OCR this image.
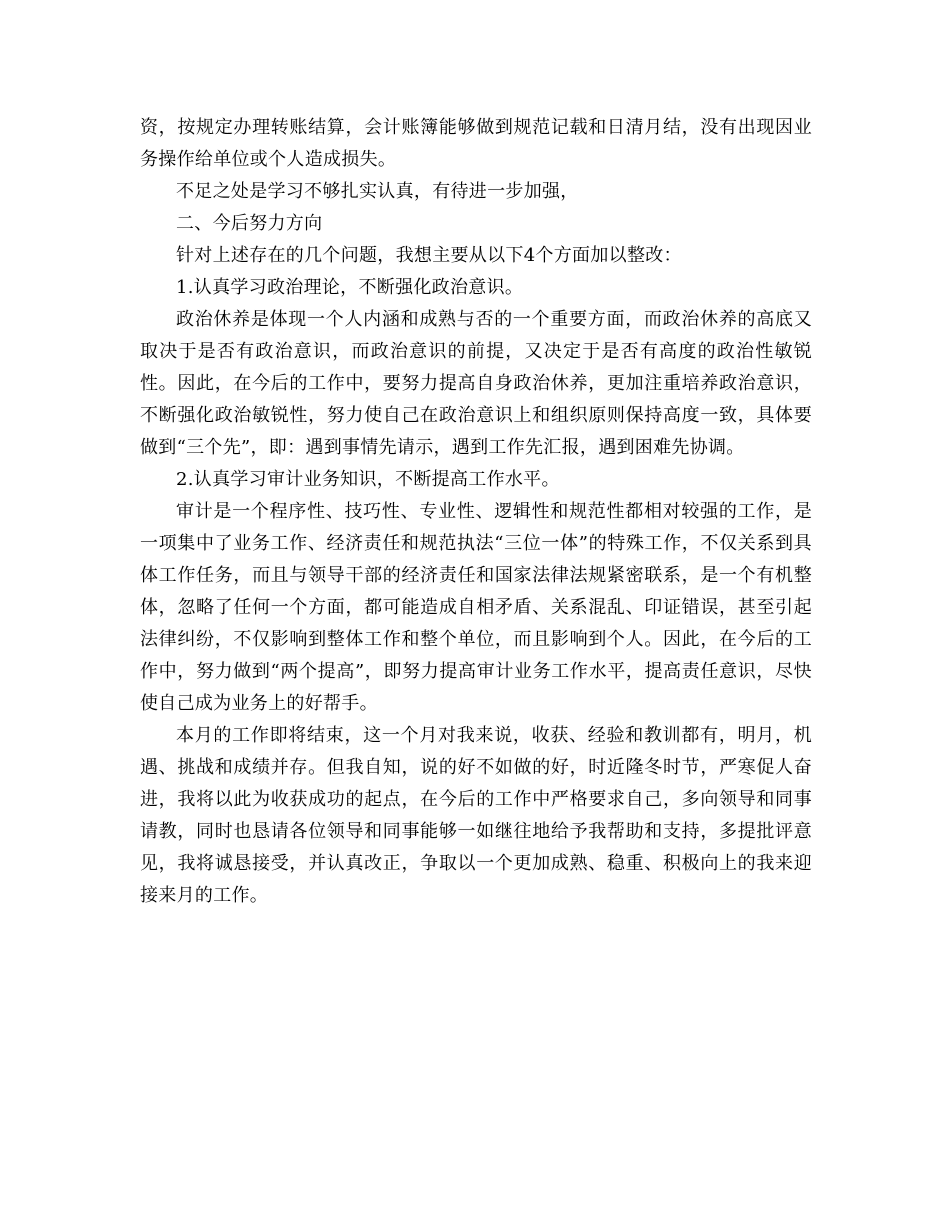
资，按规定办理转账结算，会计账簿能够做到规范记载和日清月结，没有出现因业务操作给单位或个人造成损失。

不足之处是学习不够扎实认真，有待进一步加强，

二、今后努力方向

针对上述存在的几个问题，我想主要从以下4个方面加以整改：

1.认真学习政治理论，不断强化政治意识。

政治休养是体现一个人内涵和成熟与否的一个重要方面，而政治休养的高底又取决于是否有政治意识，而政治意识的前提，又决定于是否有高度的政治性敏锐性。因此，在今后的工作中，要努力提高自身政治休养，更加注重培养政治意识，不断强化政治敏锐性，努力使自己在政治意识上和组织原则保持高度一致，具体要做到“三个先”，即：遇到事情先请示，遇到工作先汇报，遇到困难先协调。

2.认真学习审计业务知识，不断提高工作水平。

审计是一个程序性、技巧性、专业性、逻辑性和规范性都相对较强的工作，是一项集中了业务工作、经济责任和规范执法“三位一体”的特殊工作，不仅关系到具体工作任务，而且与领导干部的经济责任和国家法律法规紧密联系，是一个有机整体，忽略了任何一个方面，都可能造成自相矛盾、关系混乱、印证错误，甚至引起法律纠纷，不仅影响到整体工作和整个单位，而且影响到个人。因此，在今后的工作中，努力做到“两个提高”，即努力提高审计业务工作水平，提高责任意识，尽快使自己成为业务上的好帮手。

本月的工作即将结束，这一个月对我来说，收获、经验和教训都有，明月，机遇、挑战和成绩并存。但我自知，说的好不如做的好，时近隆冬时节，严寒促人奋进，我将以此为收获成功的起点，在今后的工作中严格要求自己，多向领导和同事请教，同时也恳请各位领导和同事能够一如继往地给予我帮助和支持，多提批评意见，我将诚恳接受，并认真改正，争取以一个更加成熟、稳重、积极向上的我来迎接来月的工作。
